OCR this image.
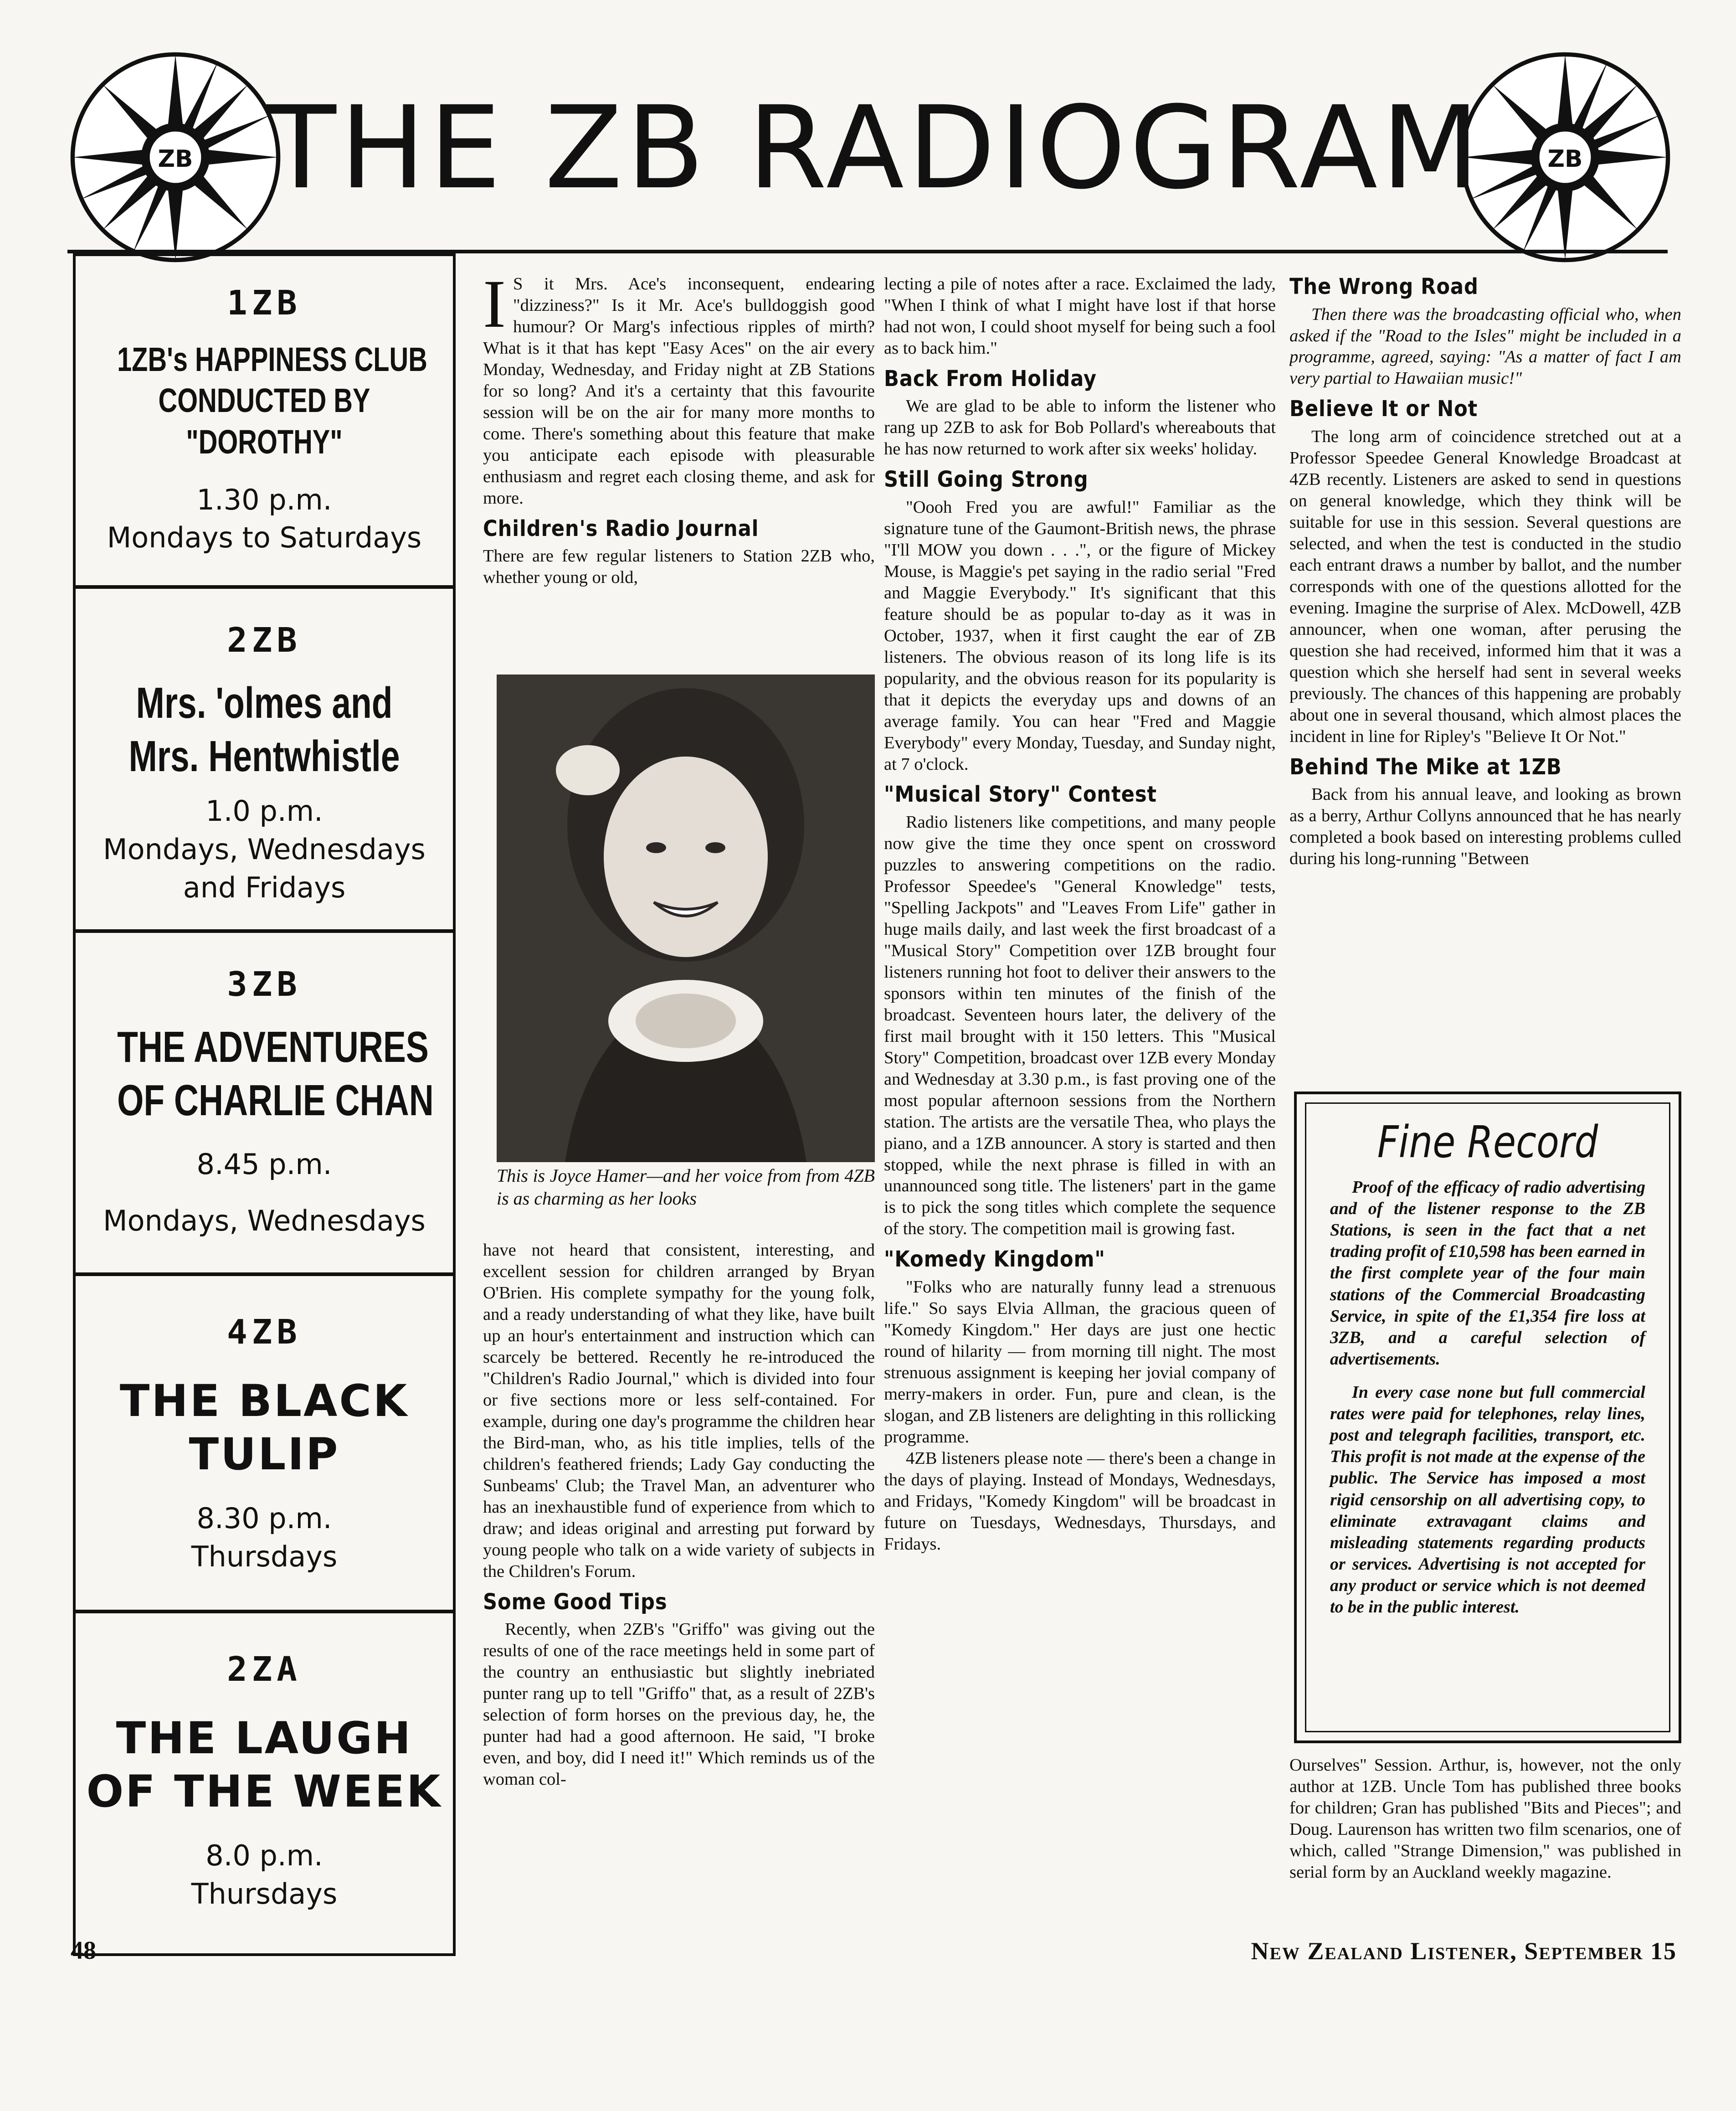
ZB	ZB
THE ZB RADIOGRAM
1ZB
1ZB's HAPPINESS CLUB
CONDUCTED BY
"DOROTHY"
1.30 p.m.
Mondays to Saturdays
2ZB
Mrs. 'olmes and
Mrs. Hentwhistle
1.0 p.m.
Mondays, Wednesdays
and Fridays
3ZB
THE ADVENTURES
OF CHARLIE CHAN
8.45 p.m.
Mondays, Wednesdays
4ZB
THE BLACK
TULIP
8.30 p.m.
Thursdays
2ZA
THE LAUGH
OF THE WEEK
8.0 p.m.
Thursdays
I S it Mrs. Ace's inconsequent, endearing "dizziness?" Is it Mr. Ace's bulldoggish good humour? Or Marg's infectious ripples of mirth? What is it that has kept "Easy Aces" on the air every Monday, Wednesday, and Friday night at ZB Stations for so long? And it's a certainty that this favourite session will be on the air for many more months to come. There's something about this feature that make you anticipate each episode with pleasurable enthusiasm and regret each closing theme, and ask for more.

Children's Radio Journal

There are few regular listeners to Station 2ZB who, whether young or old,

This is Joyce Hamer—and her voice from from 4ZB is as charming as her looks

have not heard that consistent, interesting, and excellent session for children arranged by Bryan O'Brien. His complete sympathy for the young folk, and a ready understanding of what they like, have built up an hour's entertainment and instruction which can scarcely be bettered. Recently he re-introduced the "Children's Radio Journal," which is divided into four or five sections more or less self-contained. For example, during one day's programme the children hear the Bird-man, who, as his title implies, tells of the children's feathered friends; Lady Gay conducting the Sunbeams' Club; the Travel Man, an adventurer who has an inexhaustible fund of experience from which to draw; and ideas original and arresting put forward by young people who talk on a wide variety of subjects in the Children's Forum.

Some Good Tips

Recently, when 2ZB's "Griffo" was giving out the results of one of the race meetings held in some part of the country an enthusiastic but slightly inebriated punter rang up to tell "Griffo" that, as a result of 2ZB's selection of form horses on the previous day, he, the punter had had a good afternoon. He said, "I broke even, and boy, did I need it!" Which reminds us of the woman col-

lecting a pile of notes after a race. Exclaimed the lady, "When I think of what I might have lost if that horse had not won, I could shoot myself for being such a fool as to back him."

Back From Holiday

We are glad to be able to inform the listener who rang up 2ZB to ask for Bob Pollard's whereabouts that he has now returned to work after six weeks' holiday.

Still Going Strong

"Oooh Fred you are awful!" Familiar as the signature tune of the Gaumont-British news, the phrase "I'll MOW you down . . .", or the figure of Mickey Mouse, is Maggie's pet saying in the radio serial "Fred and Maggie Everybody." It's significant that this feature should be as popular to-day as it was in October, 1937, when it first caught the ear of ZB listeners. The obvious reason of its long life is its popularity, and the obvious reason for its popularity is that it depicts the everyday ups and downs of an average family. You can hear "Fred and Maggie Everybody" every Monday, Tuesday, and Sunday night, at 7 o'clock.

"Musical Story" Contest

Radio listeners like competitions, and many people now give the time they once spent on crossword puzzles to answering competitions on the radio. Professor Speedee's "General Knowledge" tests, "Spelling Jackpots" and "Leaves From Life" gather in huge mails daily, and last week the first broadcast of a "Musical Story" Competition over 1ZB brought four listeners running hot foot to deliver their answers to the sponsors within ten minutes of the finish of the broadcast. Seventeen hours later, the delivery of the first mail brought with it 150 letters. This "Musical Story" Competition, broadcast over 1ZB every Monday and Wednesday at 3.30 p.m., is fast proving one of the most popular afternoon sessions from the Northern station. The artists are the versatile Thea, who plays the piano, and a 1ZB announcer. A story is started and then stopped, while the next phrase is filled in with an unannounced song title. The listeners' part in the game is to pick the song titles which complete the sequence of the story. The competition mail is growing fast.

"Komedy Kingdom"

"Folks who are naturally funny lead a strenuous life." So says Elvia Allman, the gracious queen of "Komedy Kingdom." Her days are just one hectic round of hilarity — from morning till night. The most strenuous assignment is keeping her jovial company of merry-makers in order. Fun, pure and clean, is the slogan, and ZB listeners are delighting in this rollicking programme.

4ZB listeners please note — there's been a change in the days of playing. Instead of Mondays, Wednesdays, and Fridays, "Komedy Kingdom" will be broadcast in future on Tuesdays, Wednesdays, Thursdays, and Fridays.

The Wrong Road

Then there was the broadcasting official who, when asked if the "Road to the Isles" might be included in a programme, agreed, saying: "As a matter of fact I am very partial to Hawaiian music!"

Believe It or Not

The long arm of coincidence stretched out at a Professor Speedee General Knowledge Broadcast at 4ZB recently. Listeners are asked to send in questions on general knowledge, which they think will be suitable for use in this session. Several questions are selected, and when the test is conducted in the studio each entrant draws a number by ballot, and the number corresponds with one of the questions allotted for the evening. Imagine the surprise of Alex. McDowell, 4ZB announcer, when one woman, after perusing the question she had received, informed him that it was a question which she herself had sent in several weeks previously. The chances of this happening are probably about one in several thousand, which almost places the incident in line for Ripley's "Believe It Or Not."

Behind The Mike at 1ZB

Back from his annual leave, and looking as brown as a berry, Arthur Collyns announced that he has nearly completed a book based on interesting problems culled during his long-running "Between

Fine Record

Proof of the efficacy of radio advertising and of the listener response to the ZB Stations, is seen in the fact that a net trading profit of £10,598 has been earned in the first complete year of the four main stations of the Commercial Broadcasting Service, in spite of the £1,354 fire loss at 3ZB, and a careful selection of advertisements.

In every case none but full commercial rates were paid for telephones, relay lines, post and telegraph facilities, transport, etc. This profit is not made at the expense of the public. The Service has imposed a most rigid censorship on all advertising copy, to eliminate extravagant claims and misleading statements regarding products or services. Advertising is not accepted for any product or service which is not deemed to be in the public interest.

Ourselves" Session. Arthur, is, however, not the only author at 1ZB. Uncle Tom has published three books for children; Gran has published "Bits and Pieces"; and Doug. Laurenson has written two film scenarios, one of which, called "Strange Dimension," was published in serial form by an Auckland weekly magazine.

48	New Zealand Listener, September 15
